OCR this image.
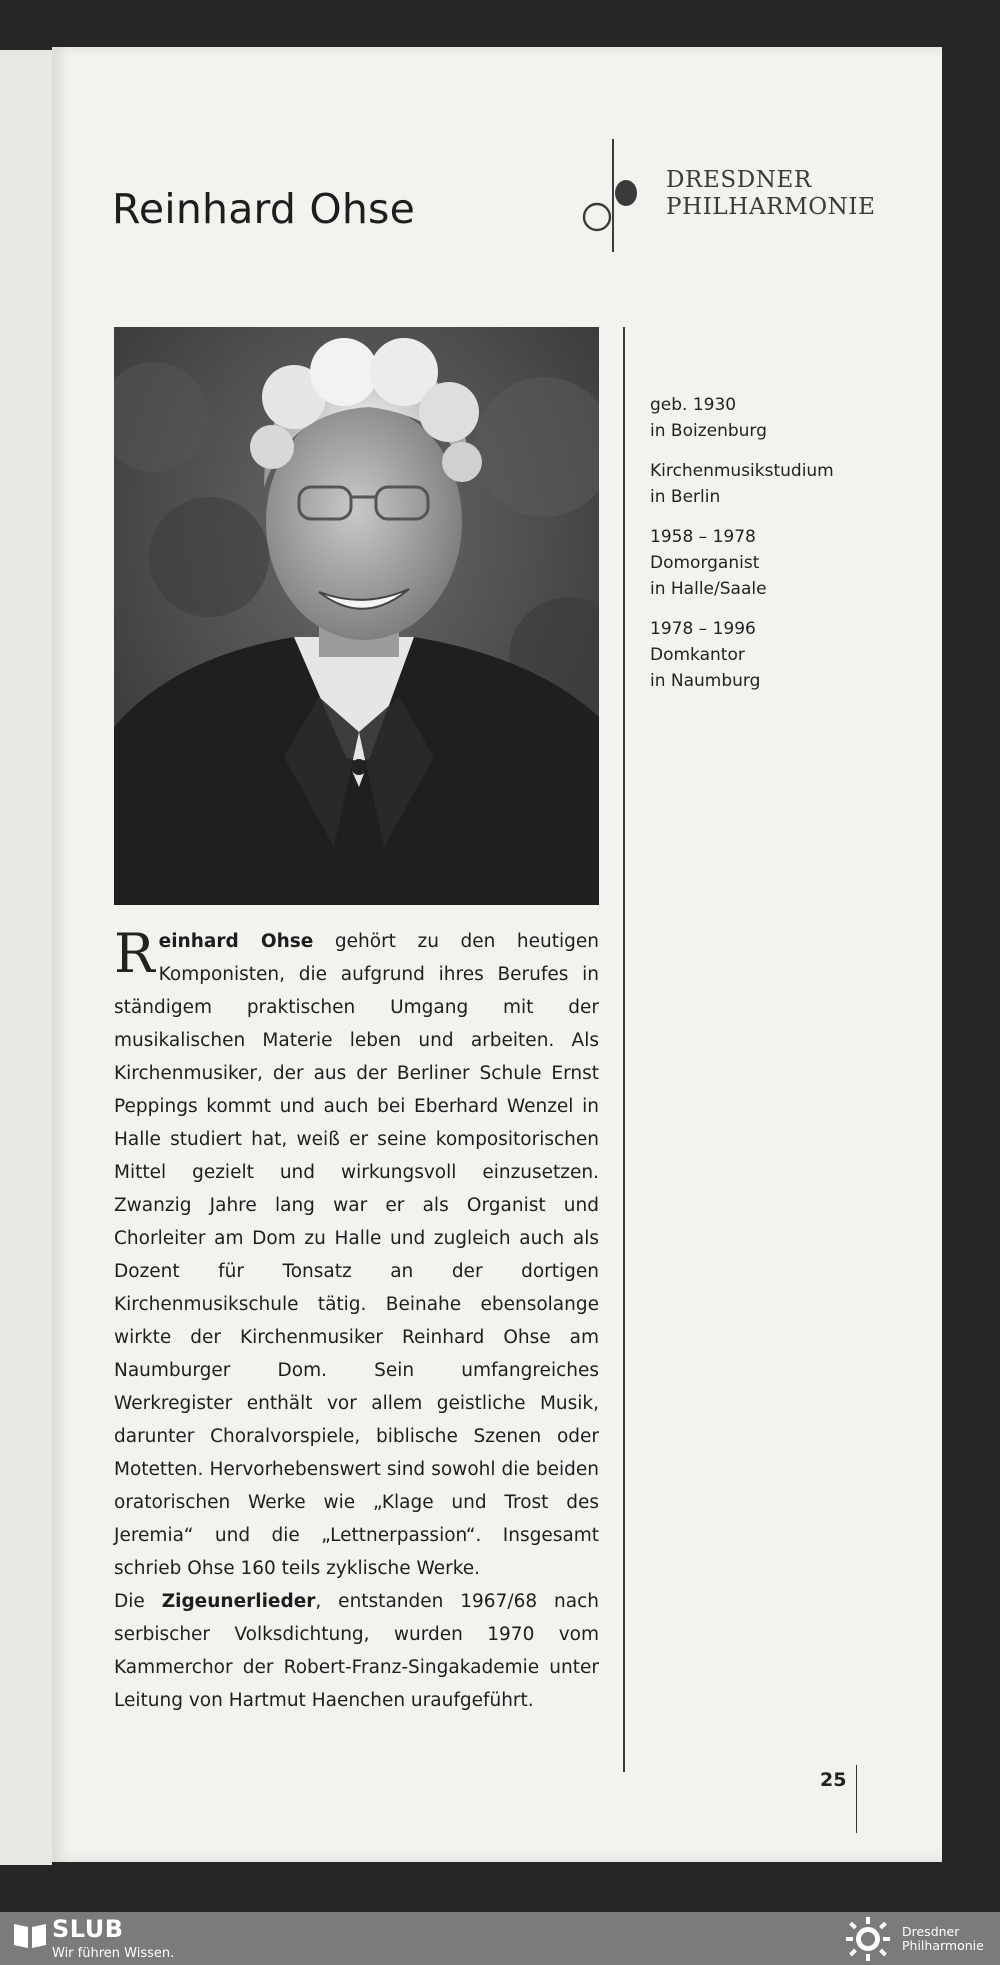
Reinhard Ohse
DRESDNER
PHILHARMONIE
geb. 1930
in Boizenburg
Kirchenmusikstudium
in Berlin
1958 – 1978
Domorganist
in Halle/Saale
1978 – 1996
Domkantor
in Naumburg

Reinhard Ohse gehört zu den heutigen Komponisten, die aufgrund ihres Berufes in ständigem praktischen Umgang mit der musikalischen Materie leben und arbeiten. Als Kirchenmusiker, der aus der Berliner Schule Ernst Peppings kommt und auch bei Eberhard Wenzel in Halle studiert hat, weiß er seine kompositorischen Mittel gezielt und wirkungsvoll einzusetzen. Zwanzig Jahre lang war er als Organist und Chorleiter am Dom zu Halle und zugleich auch als Dozent für Tonsatz an der dortigen Kirchenmusikschule tätig. Beinahe ebensolange wirkte der Kirchenmusiker Reinhard Ohse am Naumburger Dom. Sein umfangreiches Werkregister enthält vor allem geistliche Musik, darunter Choralvorspiele, biblische Szenen oder Motetten. Hervorhebenswert sind sowohl die beiden oratorischen Werke wie „Klage und Trost des Jeremia“ und die „Lettnerpassion“. Insgesamt schrieb Ohse 160 teils zyklische Werke.

Die Zigeunerlieder, entstanden 1967/68 nach serbischer Volksdichtung, wurden 1970 vom Kammerchor der Robert-Franz-Singakademie unter Leitung von Hartmut Haenchen uraufgeführt.

25
SLUB
Wir führen Wissen.
Dresdner
Philharmonie
